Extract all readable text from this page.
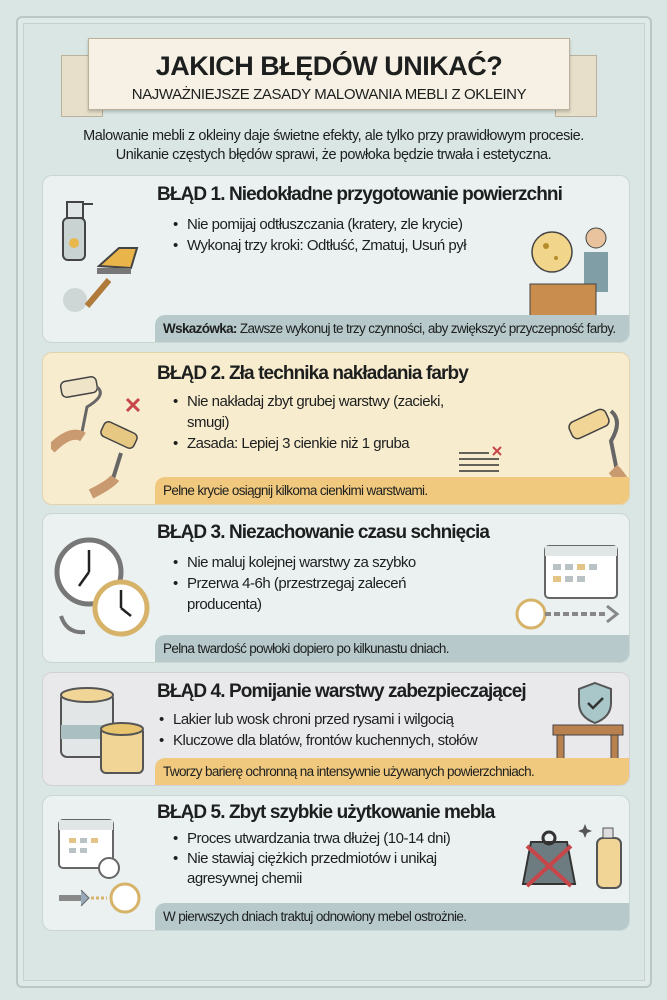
JAKICH BŁĘDÓW UNIKAĆ?
NAJWAŻNIEJSZE ZASADY MALOWANIA MEBLI Z OKLEINY
Malowanie mebli z okleiny daje świetne efekty, ale tylko przy prawidłowym procesie.
Unikanie częstych błędów sprawi, że powłoka będzie trwała i estetyczna.
BŁĄD 1. Niedokładne przygotowanie powierzchni
• Nie pomijaj odtłuszczania (kratery, zle krycie)
• Wykonaj trzy kroki: Odtłuść, Zmatuj, Usuń pył
Wskazówka: Zawsze wykonuj te trzy czynności, aby zwiększyć przyczepność farby.
BŁĄD 2. Zła technika nakładania farby
• Nie nakładaj zbyt grubej warstwy (zacieki, smugi)
• Zasada: Lepiej 3 cienkie niż 1 gruba
Pelne krycie osiągnij kilkoma cienkimi warstwami.
BŁĄD 3. Niezachowanie czasu schnięcia
• Nie maluj kolejnej warstwy za szybko
• Przerwa 4-6h (przestrzegaj zaleceń producenta)
Pelna twardość powłoki dopiero po kilkunastu dniach.
BŁĄD 4. Pomijanie warstwy zabezpieczającej
• Lakier lub wosk chroni przed rysami i wilgocią
• Kluczowe dla blatów, frontów kuchennych, stołów
Tworzy barierę ochronną na intensywnie używanych powierzchniach.
BŁĄD 5. Zbyt szybkie użytkowanie mebla
• Proces utwardzania trwa dłużej (10-14 dni)
• Nie stawiaj ciężkich przedmiotów i unikaj agresywnej chemii
W pierwszych dniach traktuj odnowiony mebel ostrożnie.
